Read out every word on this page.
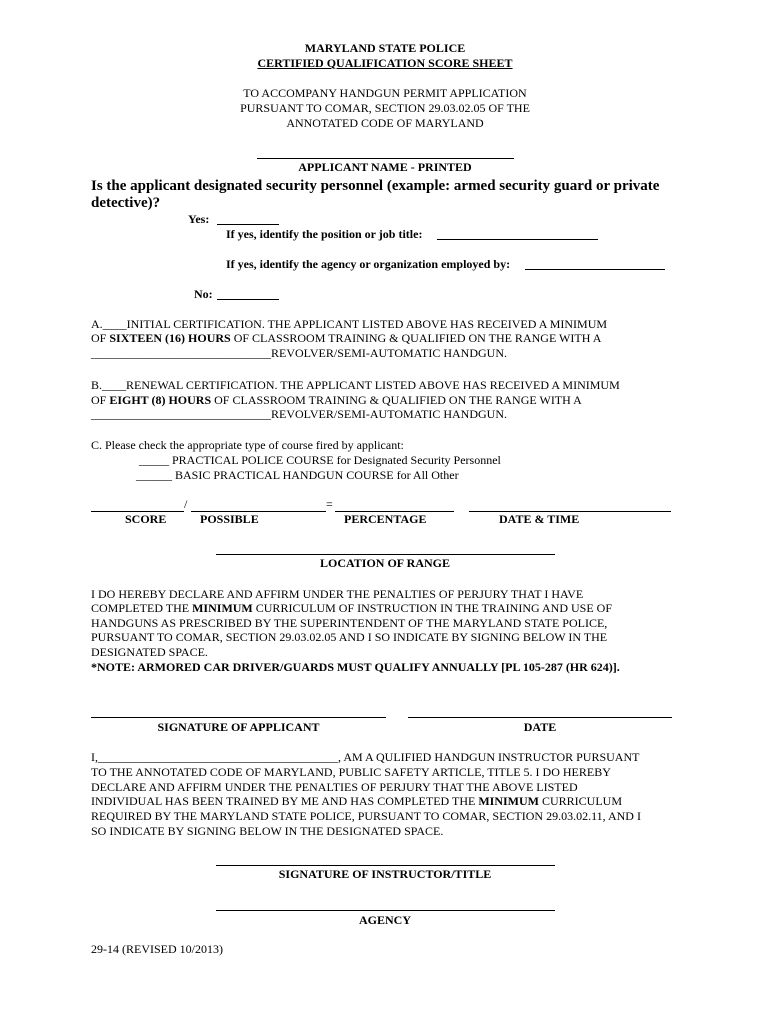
MARYLAND STATE POLICE
CERTIFIED QUALIFICATION SCORE SHEET
TO ACCOMPANY HANDGUN PERMIT APPLICATION
PURSUANT TO COMAR, SECTION 29.03.02.05 OF THE
ANNOTATED CODE OF MARYLAND
APPLICANT NAME - PRINTED
Is the applicant designated security personnel (example: armed security guard or private
detective)?
Yes:
If yes, identify the position or job title:
If yes, identify the agency or organization employed by:
No:
A.____INITIAL CERTIFICATION. THE APPLICANT LISTED ABOVE HAS RECEIVED A MINIMUM
OF SIXTEEN (16) HOURS OF CLASSROOM TRAINING & QUALIFIED ON THE RANGE WITH A
______________________________REVOLVER/SEMI-AUTOMATIC HANDGUN.
B.____RENEWAL CERTIFICATION. THE APPLICANT LISTED ABOVE HAS RECEIVED A MINIMUM
OF EIGHT (8) HOURS OF CLASSROOM TRAINING & QUALIFIED ON THE RANGE WITH A
______________________________REVOLVER/SEMI-AUTOMATIC HANDGUN.
C. Please check the appropriate type of course fired by applicant:
_____ PRACTICAL POLICE COURSE for Designated Security Personnel
______ BASIC PRACTICAL HANDGUN COURSE for All Other
/	=
SCORE	POSSIBLE	PERCENTAGE	DATE & TIME
LOCATION OF RANGE
I DO HEREBY DECLARE AND AFFIRM UNDER THE PENALTIES OF PERJURY THAT I HAVE
COMPLETED THE MINIMUM CURRICULUM OF INSTRUCTION IN THE TRAINING AND USE OF
HANDGUNS AS PRESCRIBED BY THE SUPERINTENDENT OF THE MARYLAND STATE POLICE,
PURSUANT TO COMAR, SECTION 29.03.02.05 AND I SO INDICATE BY SIGNING BELOW IN THE
DESIGNATED SPACE.
*NOTE: ARMORED CAR DRIVER/GUARDS MUST QUALIFY ANNUALLY [PL 105-287 (HR 624)].
SIGNATURE OF APPLICANT	DATE
I,________________________________________, AM A QULIFIED HANDGUN INSTRUCTOR PURSUANT
TO THE ANNOTATED CODE OF MARYLAND, PUBLIC SAFETY ARTICLE, TITLE 5. I DO HEREBY
DECLARE AND AFFIRM UNDER THE PENALTIES OF PERJURY THAT THE ABOVE LISTED
INDIVIDUAL HAS BEEN TRAINED BY ME AND HAS COMPLETED THE MINIMUM CURRICULUM
REQUIRED BY THE MARYLAND STATE POLICE, PURSUANT TO COMAR, SECTION 29.03.02.11, AND I
SO INDICATE BY SIGNING BELOW IN THE DESIGNATED SPACE.
SIGNATURE OF INSTRUCTOR/TITLE
AGENCY
29-14 (REVISED 10/2013)
